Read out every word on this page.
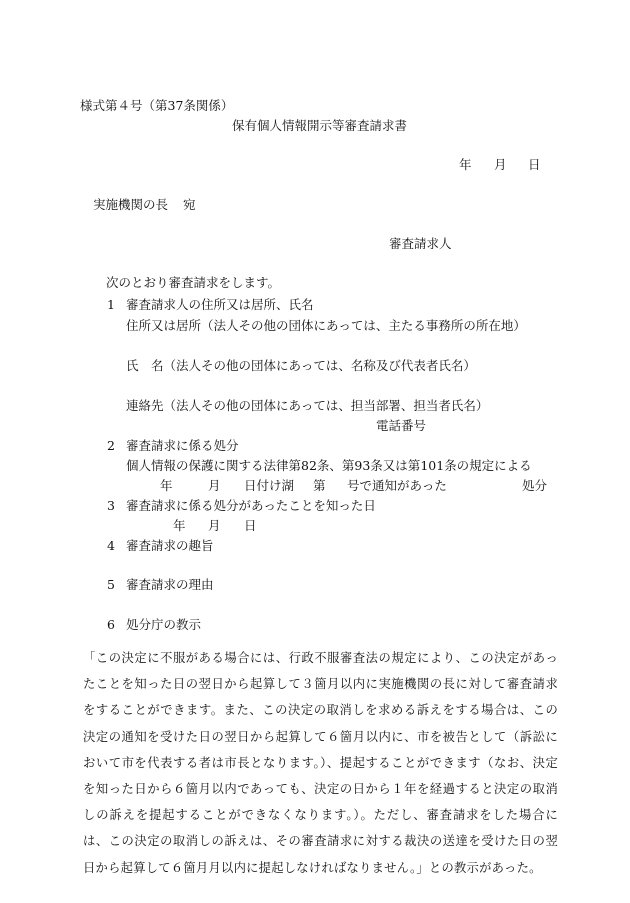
様式第４号（第37条関係）
保有個人情報開示等審査請求書
年 月 日
実施機関の長 宛
審査請求人
次のとおり審査請求をします。
1 審査請求人の住所又は居所、氏名
住所又は居所（法人その他の団体にあっては、主たる事務所の所在地）
氏　名（法人その他の団体にあっては、名称及び代表者氏名）
連絡先（法人その他の団体にあっては、担当部署、担当者氏名）
電話番号
2 審査請求に係る処分
個人情報の保護に関する法律第82条、第93条又は第101条の規定による
年	月 日付け湖 第 号で通知があった	処分
3 審査請求に係る処分があったことを知った日
年 月 日
4 審査請求の趣旨
5 審査請求の理由
6 処分庁の教示
「この決定に不服がある場合には、行政不服審査法の規定により、この決定があったことを知った日の翌日から起算して３箇月以内に実施機関の長に対して審査請求をすることができます。また、この決定の取消しを求める訴えをする場合は、この決定の通知を受けた日の翌日から起算して６箇月以内に、市を被告として（訴訟において市を代表する者は市長となります。）、提起することができます（なお、決定を知った日から６箇月以内であっても、決定の日から１年を経過すると決定の取消しの訴えを提起することができなくなります。）。ただし、審査請求をした場合には、この決定の取消しの訴えは、その審査請求に対する裁決の送達を受けた日の翌日から起算して６箇月月以内に提起しなければなりません。」との教示があった。
